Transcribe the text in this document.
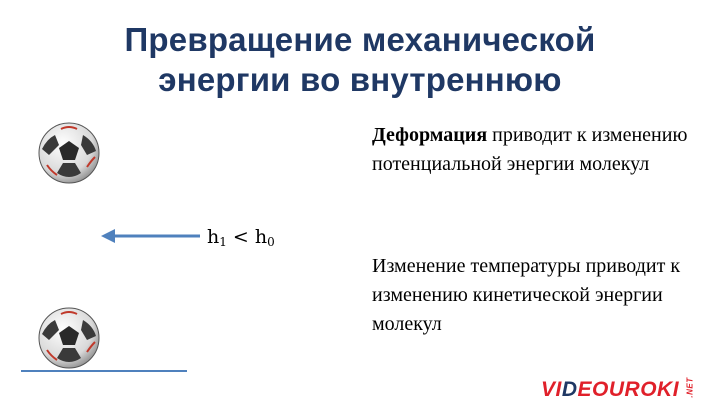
Превращение механической
энергии во внутреннюю
$h_1 < h_0$
Деформация приводит к изменению потенциальной энергии молекул
Изменение температуры приводит к изменению кинетической энергии молекул
VIDEOUROKI .NET
